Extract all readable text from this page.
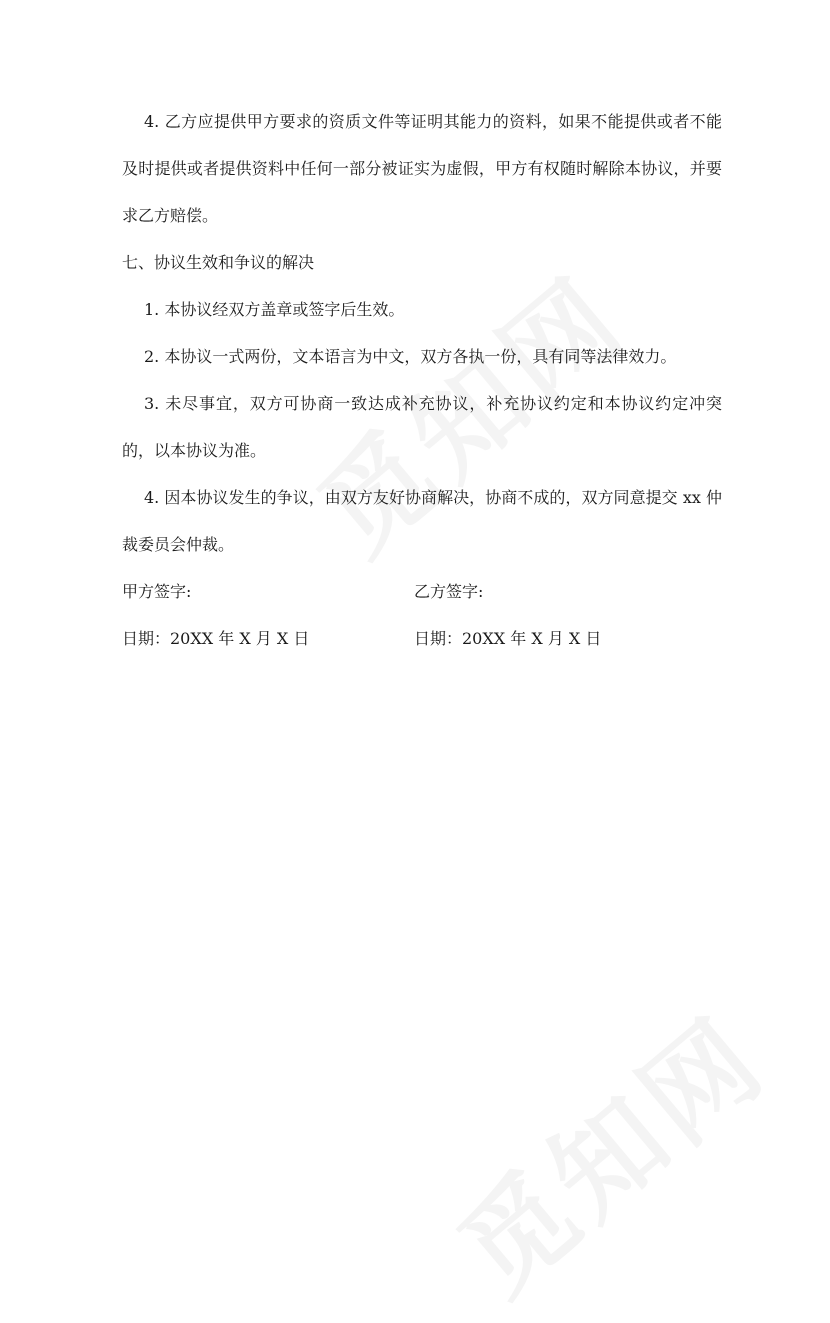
4. 乙方应提供甲方要求的资质文件等证明其能力的资料，如果不能提供或者不能及时提供或者提供资料中任何一部分被证实为虚假，甲方有权随时解除本协议，并要求乙方赔偿。

七、协议生效和争议的解决

1. 本协议经双方盖章或签字后生效。

2. 本协议一式两份，文本语言为中文，双方各执一份，具有同等法律效力。

3. 未尽事宜，双方可协商一致达成补充协议，补充协议约定和本协议约定冲突的，以本协议为准。

4. 因本协议发生的争议，由双方友好协商解决，协商不成的，双方同意提交 xx 仲裁委员会仲裁。

甲方签字:	乙方签字:
日期：20XX 年 X 月 X 日	日期：20XX 年 X 月 X 日
